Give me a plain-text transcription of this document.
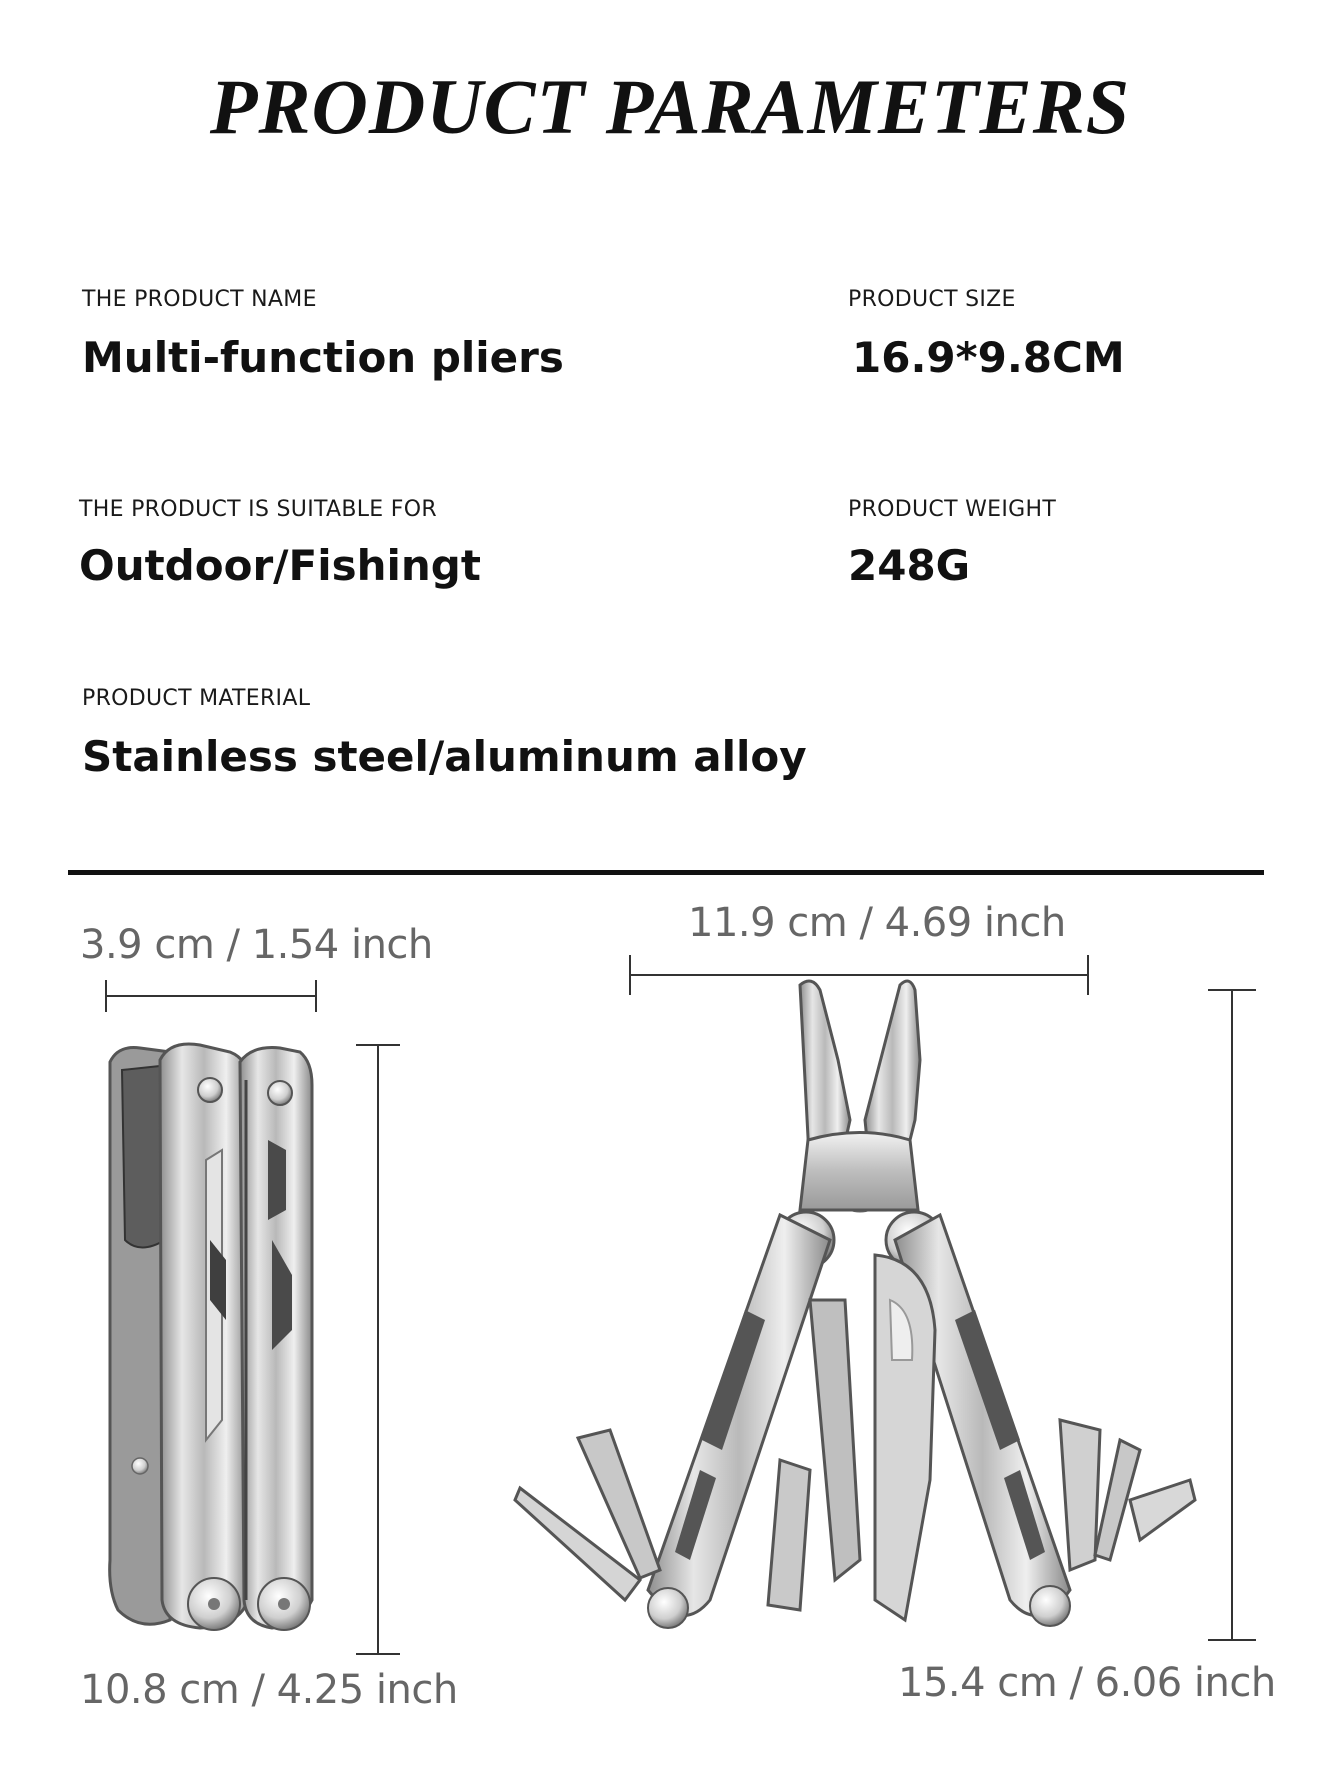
PRODUCT PARAMETERS
THE PRODUCT NAME
Multi-function pliers
PRODUCT SIZE
16.9*9.8CM
THE PRODUCT IS SUITABLE FOR
Outdoor/Fishingt
PRODUCT WEIGHT
248G
PRODUCT MATERIAL
Stainless steel/aluminum alloy
3.9 cm / 1.54 inch
10.8 cm / 4.25 inch
11.9 cm / 4.69 inch
15.4 cm / 6.06 inch
